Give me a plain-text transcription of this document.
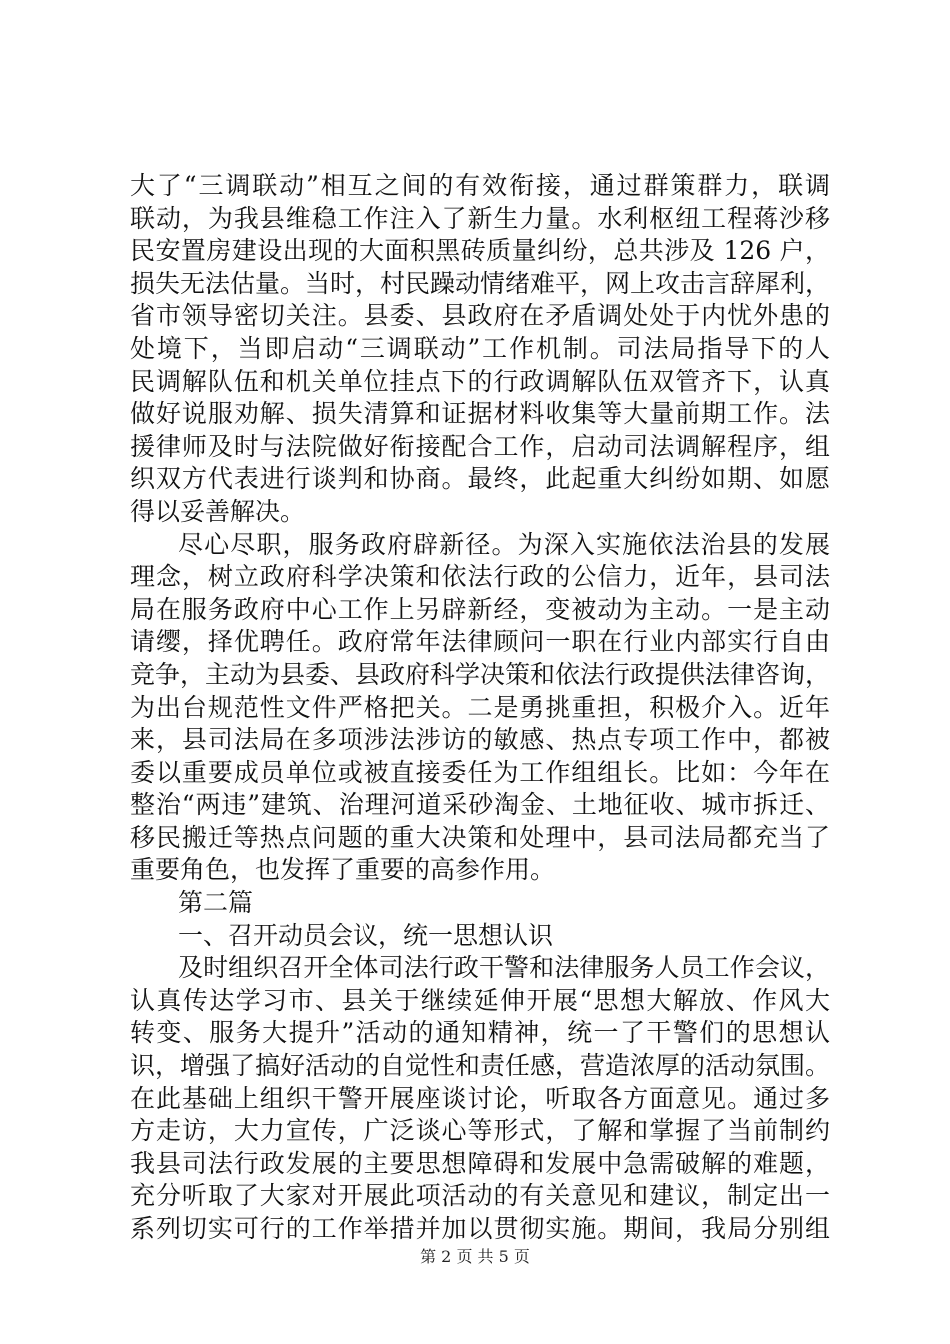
大了“三调联动”相互之间的有效衔接，通过群策群力，联调
联动，为我县维稳工作注入了新生力量。水利枢纽工程蒋沙移
民安置房建设出现的大面积黑砖质量纠纷，总共涉及 126 户，
损失无法估量。当时，村民躁动情绪难平，网上攻击言辞犀利，
省市领导密切关注。县委、县政府在矛盾调处处于内忧外患的
处境下，当即启动“三调联动”工作机制。司法局指导下的人
民调解队伍和机关单位挂点下的行政调解队伍双管齐下，认真
做好说服劝解、损失清算和证据材料收集等大量前期工作。法
援律师及时与法院做好衔接配合工作，启动司法调解程序，组
织双方代表进行谈判和协商。最终，此起重大纠纷如期、如愿
得以妥善解决。
尽心尽职，服务政府辟新径。为深入实施依法治县的发展
理念，树立政府科学决策和依法行政的公信力，近年，县司法
局在服务政府中心工作上另辟新经，变被动为主动。一是主动
请缨，择优聘任。政府常年法律顾问一职在行业内部实行自由
竞争，主动为县委、县政府科学决策和依法行政提供法律咨询，
为出台规范性文件严格把关。二是勇挑重担，积极介入。近年
来，县司法局在多项涉法涉访的敏感、热点专项工作中，都被
委以重要成员单位或被直接委任为工作组组长。比如：今年在
整治“两违”建筑、治理河道采砂淘金、土地征收、城市拆迁、
移民搬迁等热点问题的重大决策和处理中，县司法局都充当了
重要角色，也发挥了重要的高参作用。
第二篇
一、召开动员会议，统一思想认识
及时组织召开全体司法行政干警和法律服务人员工作会议，
认真传达学习市、县关于继续延伸开展“思想大解放、作风大
转变、服务大提升”活动的通知精神，统一了干警们的思想认
识，增强了搞好活动的自觉性和责任感，营造浓厚的活动氛围。
在此基础上组织干警开展座谈讨论，听取各方面意见。通过多
方走访，大力宣传，广泛谈心等形式，了解和掌握了当前制约
我县司法行政发展的主要思想障碍和发展中急需破解的难题，
充分听取了大家对开展此项活动的有关意见和建议，制定出一
系列切实可行的工作举措并加以贯彻实施。期间，我局分别组
第 2 页 共 5 页
